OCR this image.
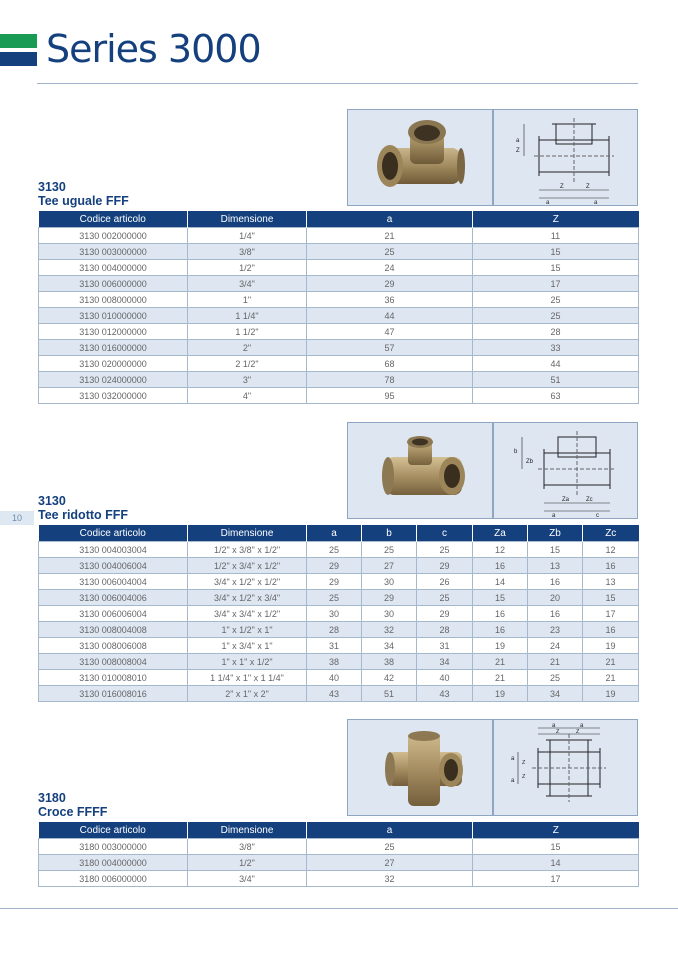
Series 3000
10
a
Z
Z
a	a
Z
3130
Tee uguale FFF
Codice articolo	Dimensione	a	Z
3130 002000000	1/4"	21	11
3130 003000000	3/8"	25	15
3130 004000000	1/2"	24	15
3130 006000000	3/4"	29	17
3130 008000000	1"	36	25
3130 010000000	1 1/4"	44	25
3130 012000000	1 1/2"	47	28
3130 016000000	2"	57	33
3130 020000000	2 1/2"	68	44
3130 024000000	3"	78	51
3130 032000000	4"	95	63
b
Zb
Za	Zc
a	c
3130
Tee ridotto FFF
Codice articolo	Dimensione	a	b	c	Za	Zb	Zc
3130 004003004	1/2" x 3/8" x 1/2"	25	25	25	12	15	12
3130 004006004	1/2" x 3/4" x 1/2"	29	27	29	16	13	16
3130 006004004	3/4" x 1/2" x 1/2"	29	30	26	14	16	13
3130 006004006	3/4" x 1/2" x 3/4"	25	29	25	15	20	15
3130 006006004	3/4" x 3/4" x 1/2"	30	30	29	16	16	17
3130 008004008	1" x 1/2" x 1"	28	32	28	16	23	16
3130 008006008	1" x 3/4" x 1"	31	34	31	19	24	19
3130 008008004	1" x 1" x 1/2"	38	38	34	21	21	21
3130 010008010	1 1/4" x 1" x 1 1/4"	40	42	40	21	25	21
3130 016008016	2" x 1" x 2"	43	51	43	19	34	19
a	a
Z	Z
Z
Z
a
a
3180
Croce FFFF
Codice articolo	Dimensione	a	Z
3180 003000000	3/8"	25	15
3180 004000000	1/2"	27	14
3180 006000000	3/4"	32	17
